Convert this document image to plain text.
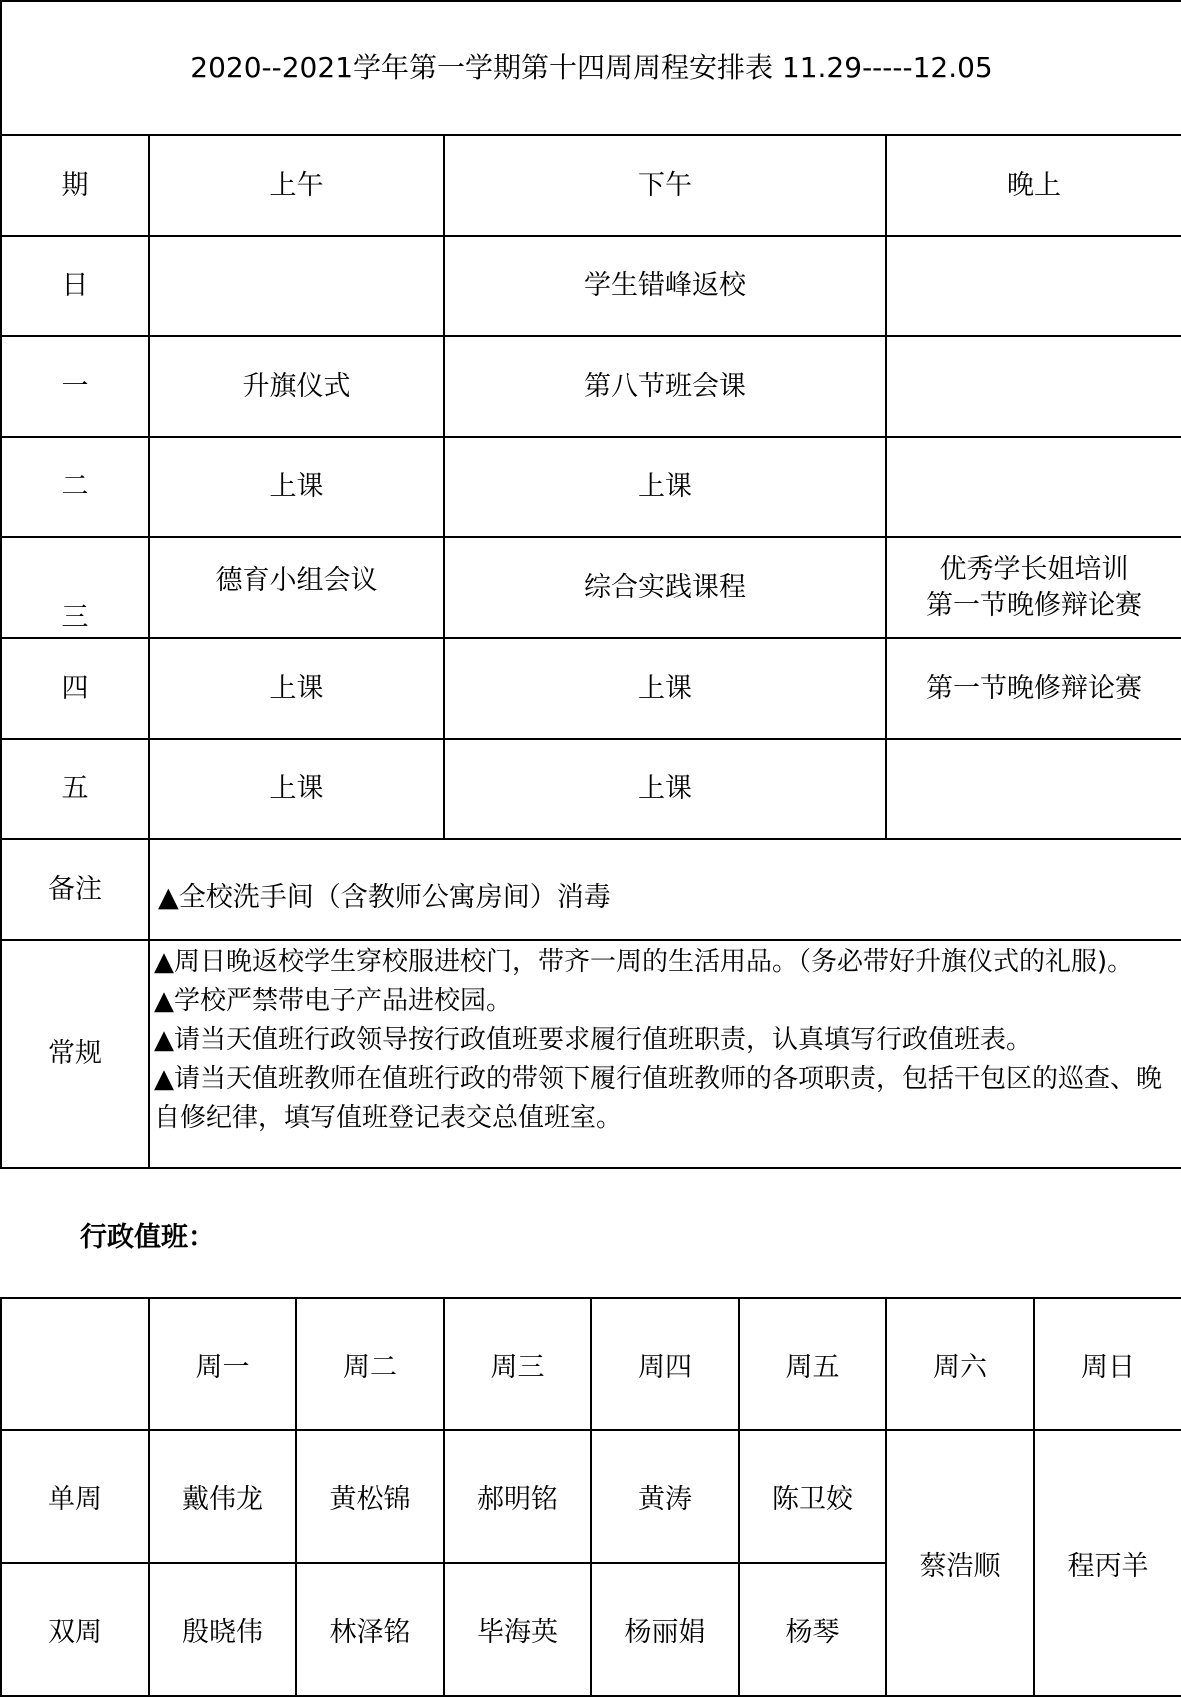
2020--2021学年第一学期第十四周周程安排表 11.29-----12.05			
期	上午	下午	晚上
日		学生错峰返校	
一	升旗仪式	第八节班会课	
二	上课	上课	
三	德育小组会议	综合实践课程	优秀学长姐培训
第一节晚修辩论赛

四	上课	上课	第一节晚修辩论赛
五	上课	上课	
备注	▲全校洗手间（含教师公寓房间）消毒		

常规	▲周日晚返校学生穿校服进校门，带齐一周的生活用品。（务必带好升旗仪式的礼服)。
▲学校严禁带电子产品进校园。
▲请当天值班行政领导按行政值班要求履行值班职责，认真填写行政值班表。
▲请当天值班教师在值班行政的带领下履行值班教师的各项职责，包括干包区的巡查、晚自修纪律，填写值班登记表交总值班室。		
行政值班：
	周一	周二	周三	周四	周五	周六	周日
单周	戴伟龙	黄松锦	郝明铭	黄涛	陈卫姣	蔡浩顺	程丙羊
双周	殷晓伟	林泽铭	毕海英	杨丽娟	杨琴		
